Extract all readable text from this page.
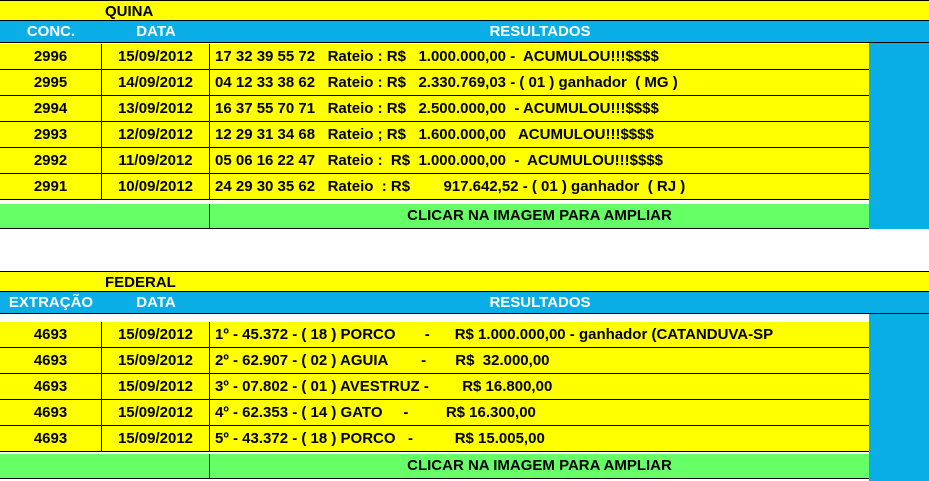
QUINA
CONC.	DATA	RESULTADOS
2996	15/09/2012	17 32 39 55 72   Rateio : R$   1.000.000,00 -  ACUMULOU!!!$$$$
2995	14/09/2012	04 12 33 38 62   Rateio : R$   2.330.769,03 - ( 01 ) ganhador  ( MG )
2994	13/09/2012	16 37 55 70 71   Rateio : R$   2.500.000,00  - ACUMULOU!!!$$$$
2993	12/09/2012	12 29 31 34 68   Rateio ; R$   1.600.000,00   ACUMULOU!!!$$$$
2992	11/09/2012	05 06 16 22 47   Rateio :  R$  1.000.000,00  -  ACUMULOU!!!$$$$
2991	10/09/2012	24 29 30 35 62   Rateio  : R$        917.642,52 - ( 01 ) ganhador  ( RJ )
CLICAR NA IMAGEM PARA AMPLIAR
FEDERAL
EXTRAÇÃO	DATA	RESULTADOS
4693	15/09/2012	1º - 45.372 - ( 18 ) PORCO       -      R$ 1.000.000,00 - ganhador (CATANDUVA-SP
4693	15/09/2012	2º - 62.907 - ( 02 ) AGUIA        -       R$  32.000,00
4693	15/09/2012	3º - 07.802 - ( 01 ) AVESTRUZ -        R$ 16.800,00
4693	15/09/2012	4º - 62.353 - ( 14 ) GATO     -         R$ 16.300,00
4693	15/09/2012	5º - 43.372 - ( 18 ) PORCO   -          R$ 15.005,00
CLICAR NA IMAGEM PARA AMPLIAR
